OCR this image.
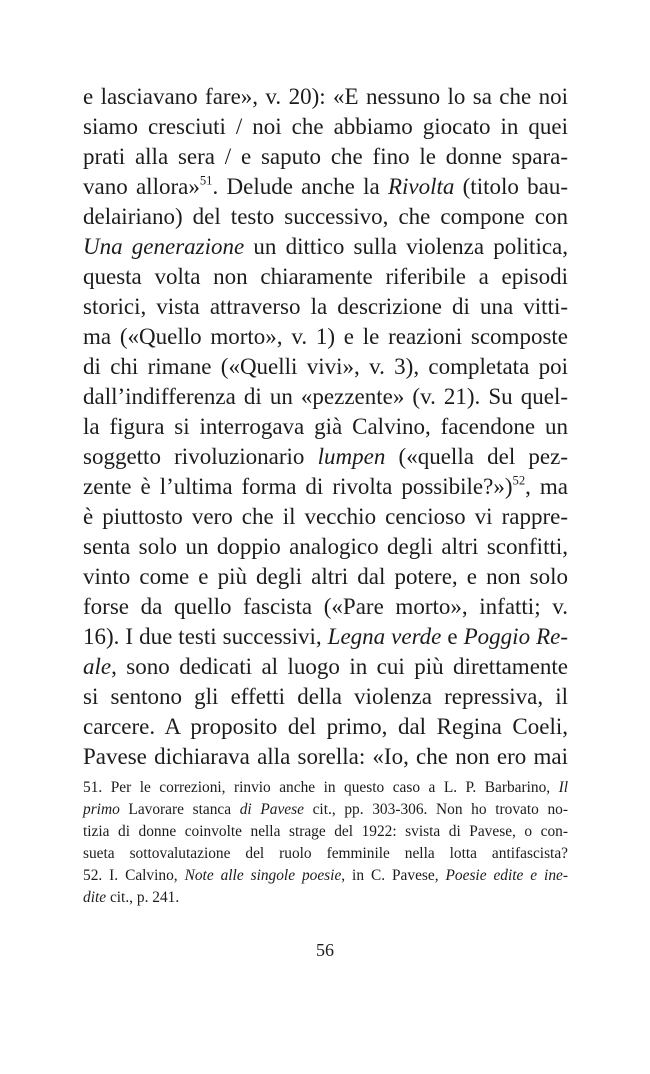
e lasciavano fare», v. 20): «E nessuno lo sa che noi
siamo cresciuti / noi che abbiamo giocato in quei
prati alla sera / e saputo che fino le donne spara-
vano allora»$^{51}$. Delude anche la Rivolta (titolo bau-
delairiano) del testo successivo, che compone con
Una generazione un dittico sulla violenza politica,
questa volta non chiaramente riferibile a episodi
storici, vista attraverso la descrizione di una vitti-
ma («Quello morto», v. 1) e le reazioni scomposte
di chi rimane («Quelli vivi», v. 3), completata poi
dall’indifferenza di un «pezzente» (v. 21). Su quel-
la figura si interrogava già Calvino, facendone un
soggetto rivoluzionario lumpen («quella del pez-
zente è l’ultima forma di rivolta possibile?»)$^{52}$, ma
è piuttosto vero che il vecchio cencioso vi rappre-
senta solo un doppio analogico degli altri sconfitti,
vinto come e più degli altri dal potere, e non solo
forse da quello fascista («Pare morto», infatti; v.
16). I due testi successivi, Legna verde e Poggio Re-
ale, sono dedicati al luogo in cui più direttamente
si sentono gli effetti della violenza repressiva, il
carcere. A proposito del primo, dal Regina Coeli,
Pavese dichiarava alla sorella: «Io, che non ero mai
51. Per le correzioni, rinvio anche in questo caso a L. P. Barbarino, Il
primo Lavorare stanca di Pavese cit., pp. 303-306. Non ho trovato no-
tizia di donne coinvolte nella strage del 1922: svista di Pavese, o con-
sueta sottovalutazione del ruolo femminile nella lotta antifascista?
52. I. Calvino, Note alle singole poesie, in C. Pavese, Poesie edite e ine-
dite cit., p. 241.
56
